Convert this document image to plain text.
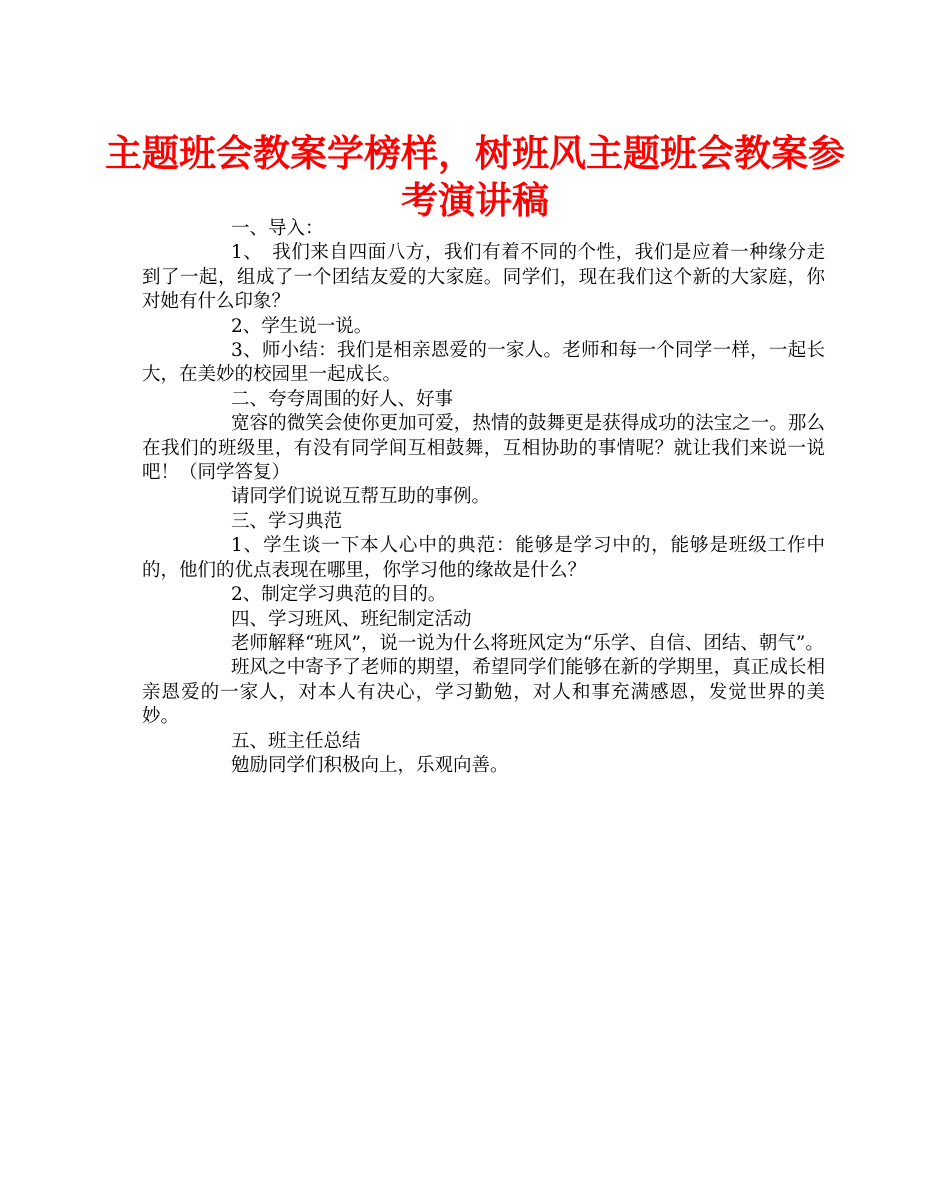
主题班会教案学榜样，树班风主题班会教案参考演讲稿

一、导入：

1、　我们来自四面八方，我们有着不同的个性，我们是应着一种缘分走到了一起，组成了一个团结友爱的大家庭。同学们，现在我们这个新的大家庭，你对她有什么印象？

2、学生说一说。

3、师小结：我们是相亲恩爱的一家人。老师和每一个同学一样，一起长大，在美妙的校园里一起成长。

二、夸夸周围的好人、好事

宽容的微笑会使你更加可爱，热情的鼓舞更是获得成功的法宝之一。那么在我们的班级里，有没有同学间互相鼓舞，互相协助的事情呢？就让我们来说一说吧！（同学答复）

请同学们说说互帮互助的事例。

三、学习典范

1、学生谈一下本人心中的典范：能够是学习中的，能够是班级工作中的，他们的优点表现在哪里，你学习他的缘故是什么？

2、制定学习典范的目的。

四、学习班风、班纪制定活动

老师解释“班风”，说一说为什么将班风定为“乐学、自信、团结、朝气”。

班风之中寄予了老师的期望，希望同学们能够在新的学期里，真正成长相亲恩爱的一家人，对本人有决心，学习勤勉，对人和事充满感恩，发觉世界的美妙。

五、班主任总结

勉励同学们积极向上，乐观向善。
